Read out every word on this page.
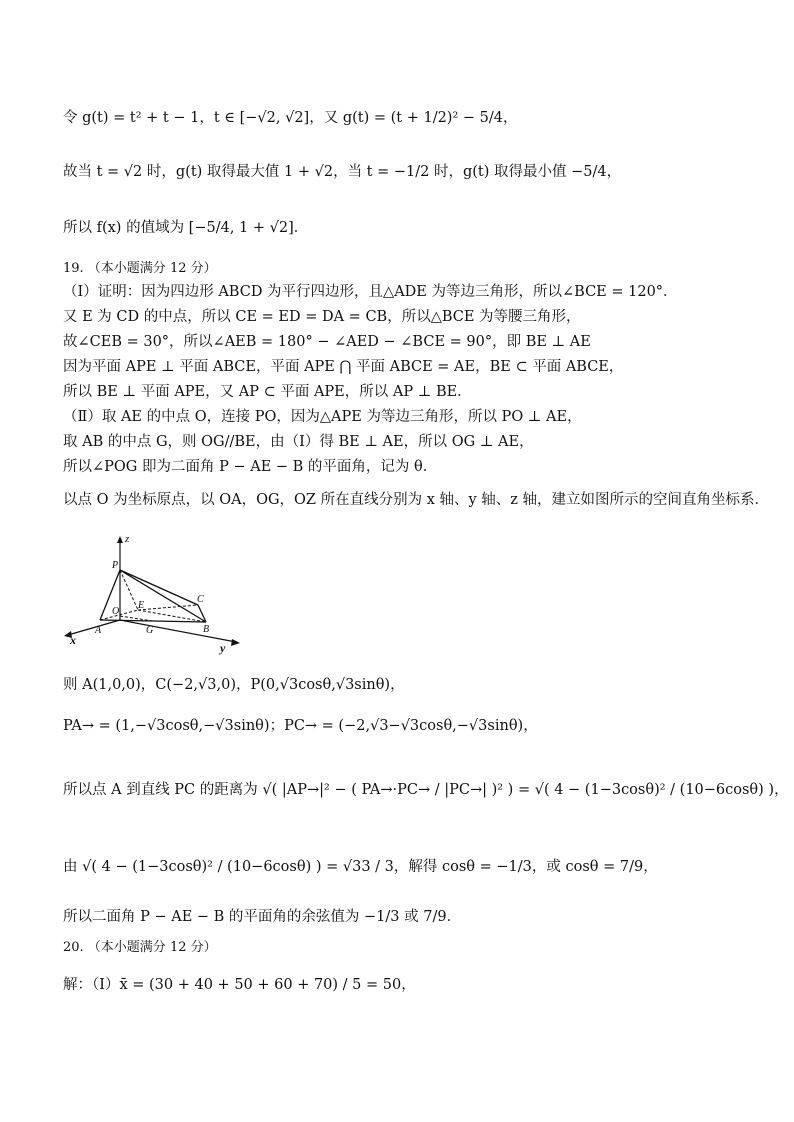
令 g(t) = t² + t − 1，t ∈ [−√2, √2]，又 g(t) = (t + 1/2)² − 5/4，
故当 t = √2 时，g(t) 取得最大值 1 + √2，当 t = −1/2 时，g(t) 取得最小值 −5/4，
所以 f(x) 的值域为 [−5/4, 1 + √2]．
19. （本小题满分 12 分）
（Ⅰ）证明：因为四边形 ABCD 为平行四边形，且△ADE 为等边三角形，所以∠BCE = 120°．
又 E 为 CD 的中点，所以 CE = ED = DA = CB，所以△BCE 为等腰三角形，
故∠CEB = 30°，所以∠AEB = 180° − ∠AED − ∠BCE = 90°，即 BE ⊥ AE
因为平面 APE ⊥ 平面 ABCE，平面 APE ⋂ 平面 ABCE = AE，BE ⊂ 平面 ABCE，
所以 BE ⊥ 平面 APE，又 AP ⊂ 平面 APE，所以 AP ⊥ BE．
（Ⅱ）取 AE 的中点 O，连接 PO，因为△APE 为等边三角形，所以 PO ⊥ AE，
取 AB 的中点 G，则 OG//BE，由（Ⅰ）得 BE ⊥ AE，所以 OG ⊥ AE，
所以∠POG 即为二面角 P − AE − B 的平面角，记为 θ．
以点 O 为坐标原点，以 OA，OG，OZ 所在直线分别为 x 轴、y 轴、z 轴，建立如图所示的空间直角坐标系．
z
P
C
O
E
A	G	B
x
y
则 A(1,0,0)，C(−2,√3,0)，P(0,√3cosθ,√3sinθ)，
PA→ = (1,−√3cosθ,−√3sinθ)；PC→ = (−2,√3−√3cosθ,−√3sinθ)，
所以点 A 到直线 PC 的距离为 √( |AP→|² − ( PA→·PC→ / |PC→| )² ) = √( 4 − (1−3cosθ)² / (10−6cosθ) )，
由 √( 4 − (1−3cosθ)² / (10−6cosθ) ) = √33 / 3，解得 cosθ = −1/3，或 cosθ = 7/9，
所以二面角 P − AE − B 的平面角的余弦值为 −1/3 或 7/9．
20. （本小题满分 12 分）
解：（Ⅰ）x̄ = (30 + 40 + 50 + 60 + 70) / 5 = 50，
